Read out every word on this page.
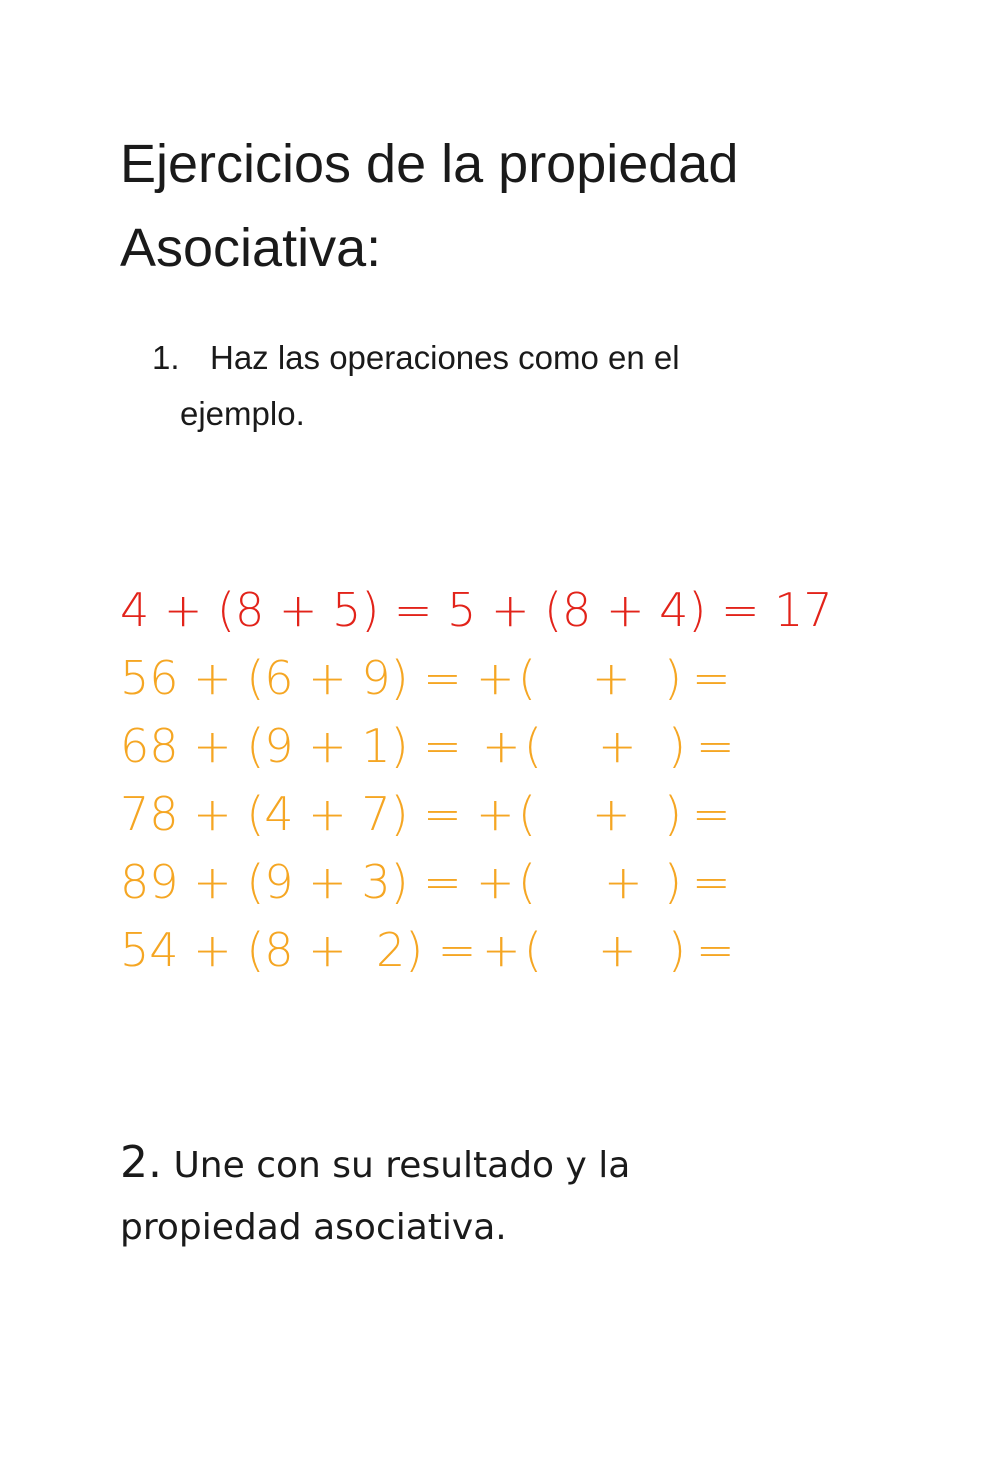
Ejercicios de la propiedad
Asociativa:
1. Haz las operaciones como en el
ejemplo.

4 + (8 + 5) = 5 + (8 + 4) = 17

56 + (6 + 9) =

+

(

+

)

=

68 + (9 + 1) =

+

(

+

)

=

78 + (4 + 7) =

+

(

+

)

=

89 + (9 + 3) =

+

(

+

)

=

54 + (8 +  2) =

+

(

+

)

=

2. Une con su resultado y la
propiedad asociativa.
